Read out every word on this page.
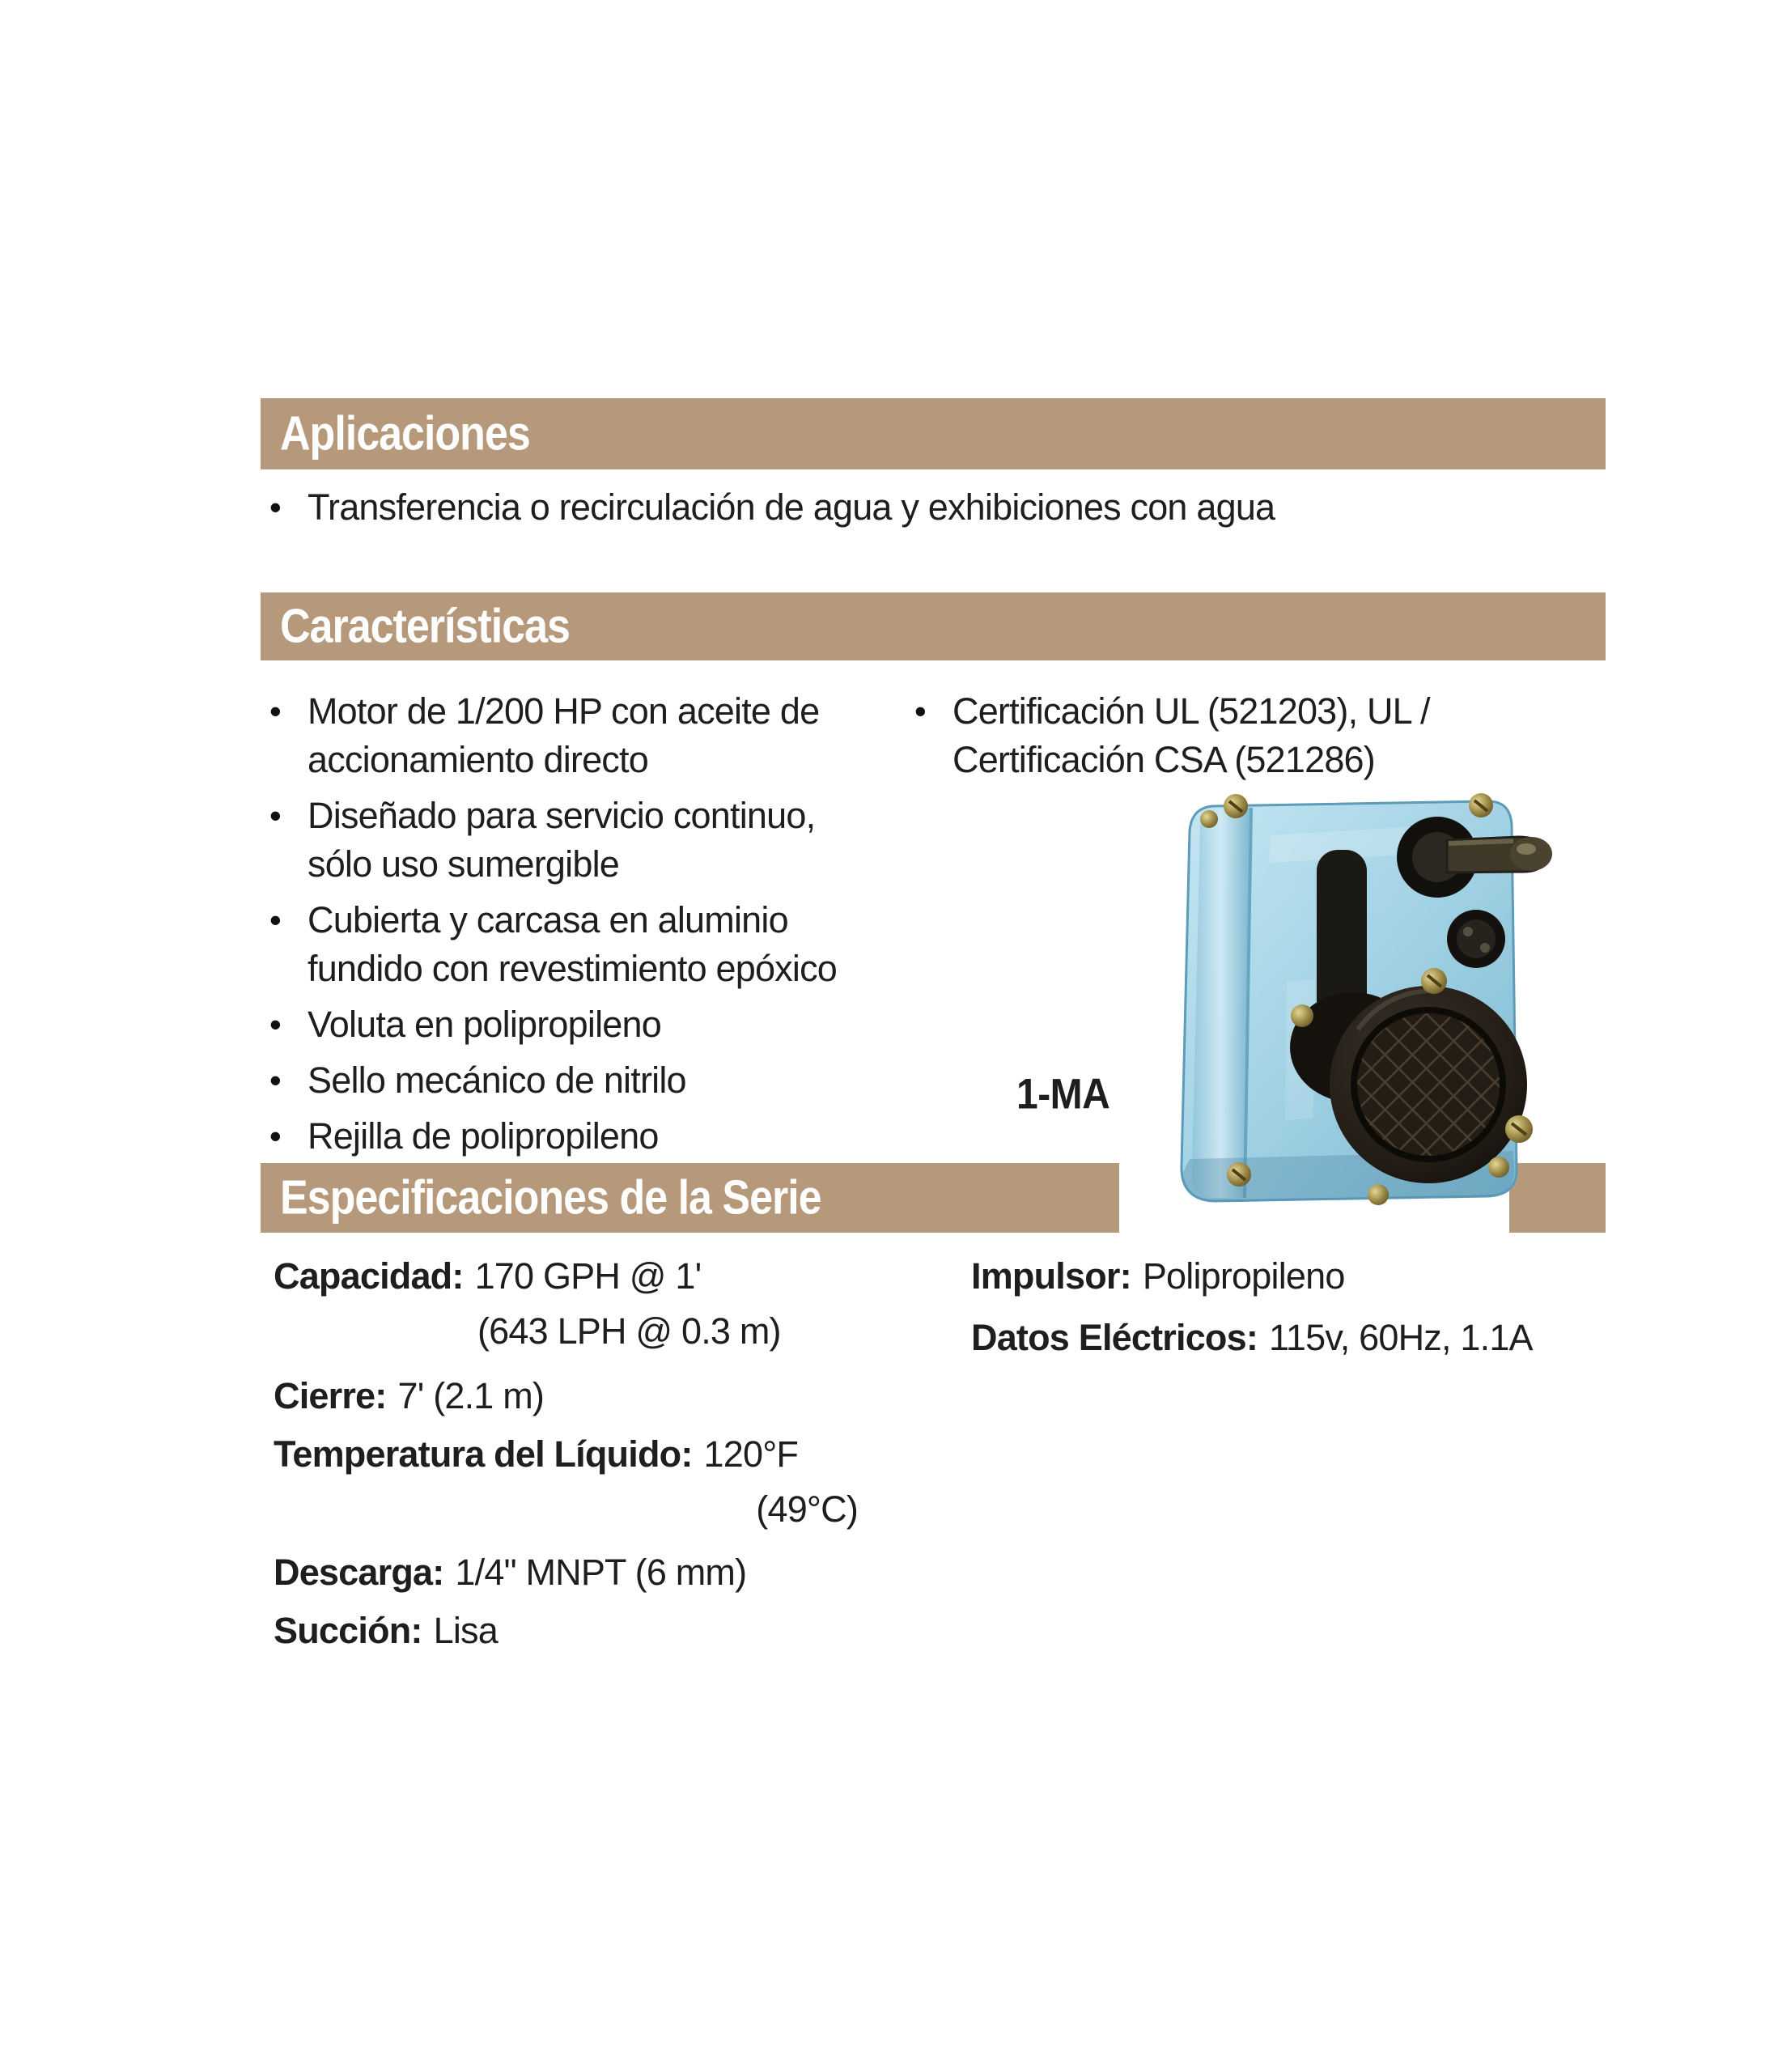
Aplicaciones
• Transferencia o recirculación de agua y exhibiciones con agua
Características
• Motor de 1/200 HP con aceite de
accionamiento directo
• Diseñado para servicio continuo,
sólo uso sumergible
• Cubierta y carcasa en aluminio
fundido con revestimiento epóxico
• Voluta en polipropileno
• Sello mecánico de nitrilo
• Rejilla de polipropileno
• Certificación UL (521203), UL /
Certificación CSA (521286)
Especificaciones de la Serie
1-MA
Capacidad: 170 GPH @ 1'
(643 LPH @ 0.3 m)
Cierre: 7' (2.1 m)
Temperatura del Líquido: 120°F
(49°C)
Descarga: 1/4" MNPT (6 mm)
Succión: Lisa
Impulsor: Polipropileno
Datos Eléctricos: 115v, 60Hz, 1.1A
